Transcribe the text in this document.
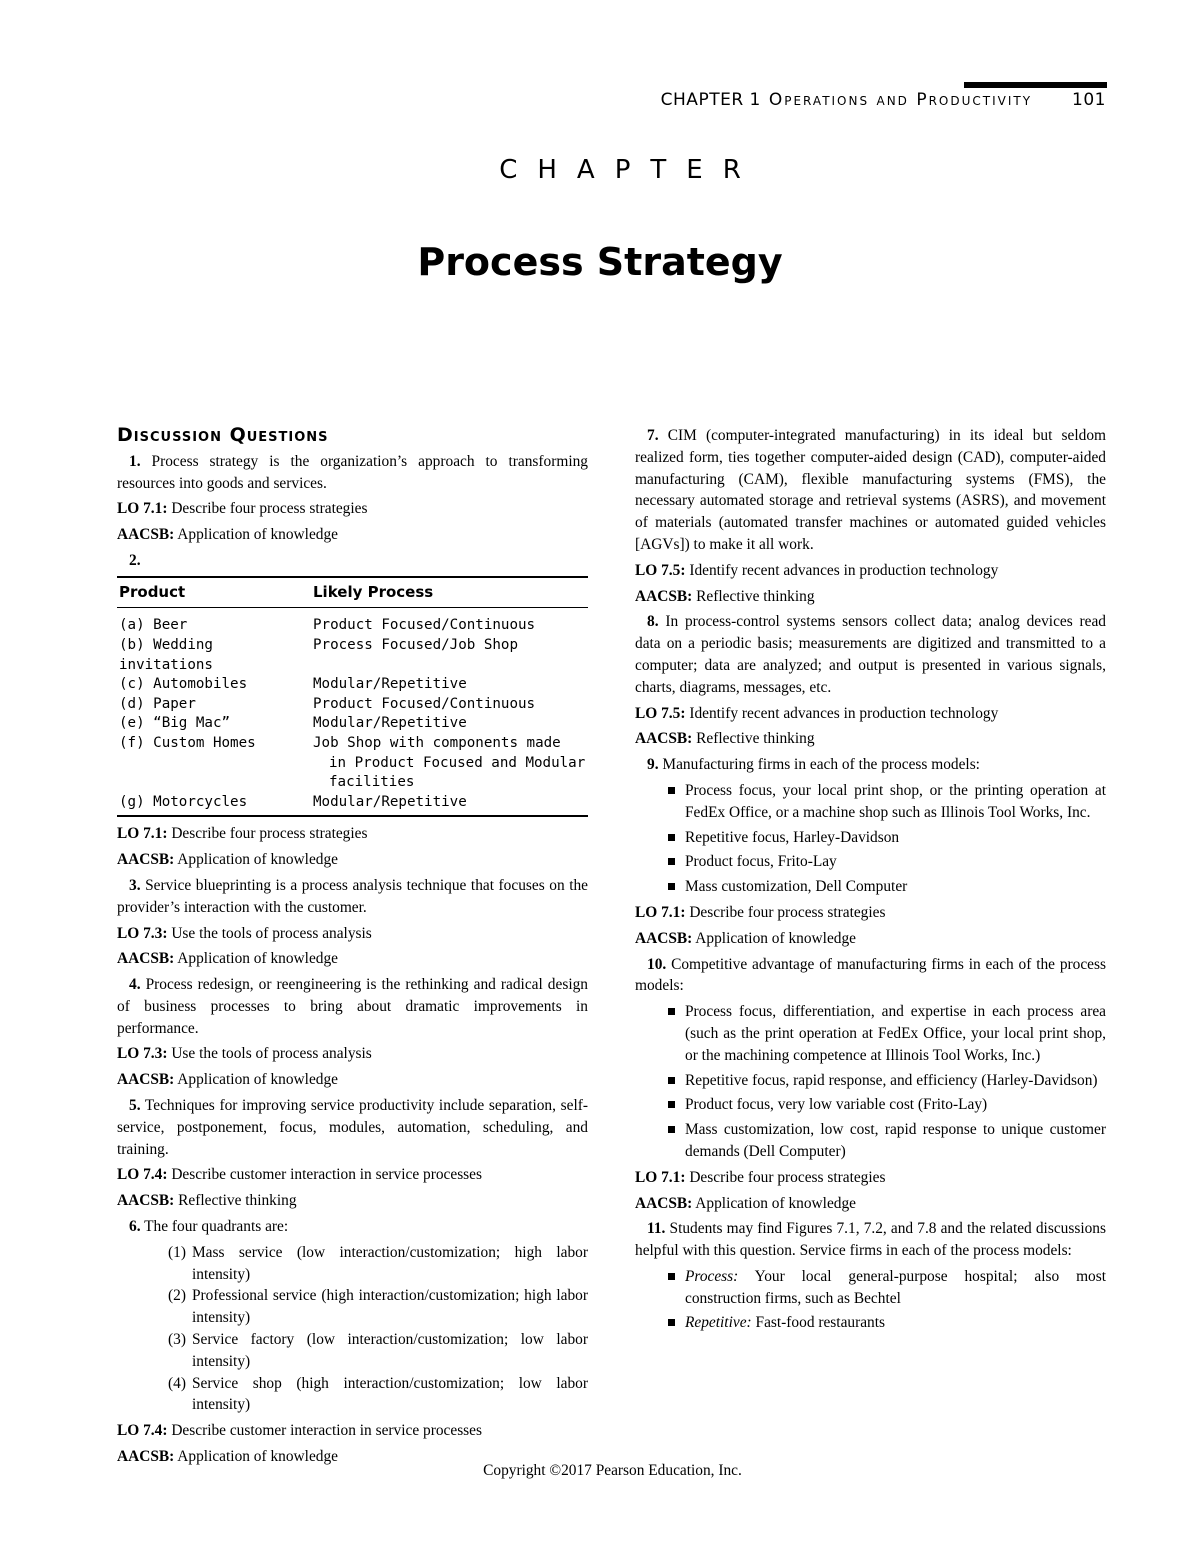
CHAPTER 1 Operations and Productivity 101
CHAPTER
Process Strategy
Discussion Questions

1. Process strategy is the organization’s approach to transforming resources into goods and services.

LO 7.1: Describe four process strategies

AACSB: Application of knowledge

2.

Product	Likely Process
(a) Beer	Product Focused/Continuous
(b) Wedding invitations	Process Focused/Job Shop
(c) Automobiles	Modular/Repetitive
(d) Paper	Product Focused/Continuous
(e) “Big Mac”	Modular/Repetitive
(f) Custom Homes	Job Shop with components made
in Product Focused and Modular facilities

(g) Motorcycles	Modular/Repetitive

LO 7.1: Describe four process strategies

AACSB: Application of knowledge

3. Service blueprinting is a process analysis technique that focuses on the provider’s interaction with the customer.

LO 7.3: Use the tools of process analysis

AACSB: Application of knowledge

4. Process redesign, or reengineering is the rethinking and radical design of business processes to bring about dramatic improvements in performance.

LO 7.3: Use the tools of process analysis

AACSB: Application of knowledge

5. Techniques for improving service productivity include separation, self-service, postponement, focus, modules, automation, scheduling, and training.

LO 7.4: Describe customer interaction in service processes

AACSB: Reflective thinking

6. The four quadrants are:

(1) Mass service (low interaction/customization; high labor intensity)
(2) Professional service (high interaction/customization; high labor intensity)
(3) Service factory (low interaction/customization; low labor intensity)
(4) Service shop (high interaction/customization; low labor intensity)

LO 7.4: Describe customer interaction in service processes

AACSB: Application of knowledge

7. CIM (computer-integrated manufacturing) in its ideal but seldom realized form, ties together computer-aided design (CAD), computer-aided manufacturing (CAM), flexible manufacturing systems (FMS), the necessary automated storage and retrieval systems (ASRS), and movement of materials (automated transfer machines or automated guided vehicles [AGVs]) to make it all work.

LO 7.5: Identify recent advances in production technology

AACSB: Reflective thinking

8. In process-control systems sensors collect data; analog devices read data on a periodic basis; measurements are digitized and transmitted to a computer; data are analyzed; and output is presented in various signals, charts, diagrams, messages, etc.

LO 7.5: Identify recent advances in production technology

AACSB: Reflective thinking

9. Manufacturing firms in each of the process models:

Process focus, your local print shop, or the printing operation at FedEx Office, or a machine shop such as Illinois Tool Works, Inc.
Repetitive focus, Harley-Davidson
Product focus, Frito-Lay
Mass customization, Dell Computer

LO 7.1: Describe four process strategies

AACSB: Application of knowledge

10. Competitive advantage of manufacturing firms in each of the process models:

Process focus, differentiation, and expertise in each process area (such as the print operation at FedEx Office, your local print shop, or the machining competence at Illinois Tool Works, Inc.)
Repetitive focus, rapid response, and efficiency (Harley-Davidson)
Product focus, very low variable cost (Frito-Lay)
Mass customization, low cost, rapid response to unique customer demands (Dell Computer)

LO 7.1: Describe four process strategies

AACSB: Application of knowledge

11. Students may find Figures 7.1, 7.2, and 7.8 and the related discussions helpful with this question. Service firms in each of the process models:

Process: Your local general-purpose hospital; also most construction firms, such as Bechtel
Repetitive: Fast-food restaurants
Copyright ©2017 Pearson Education, Inc.
